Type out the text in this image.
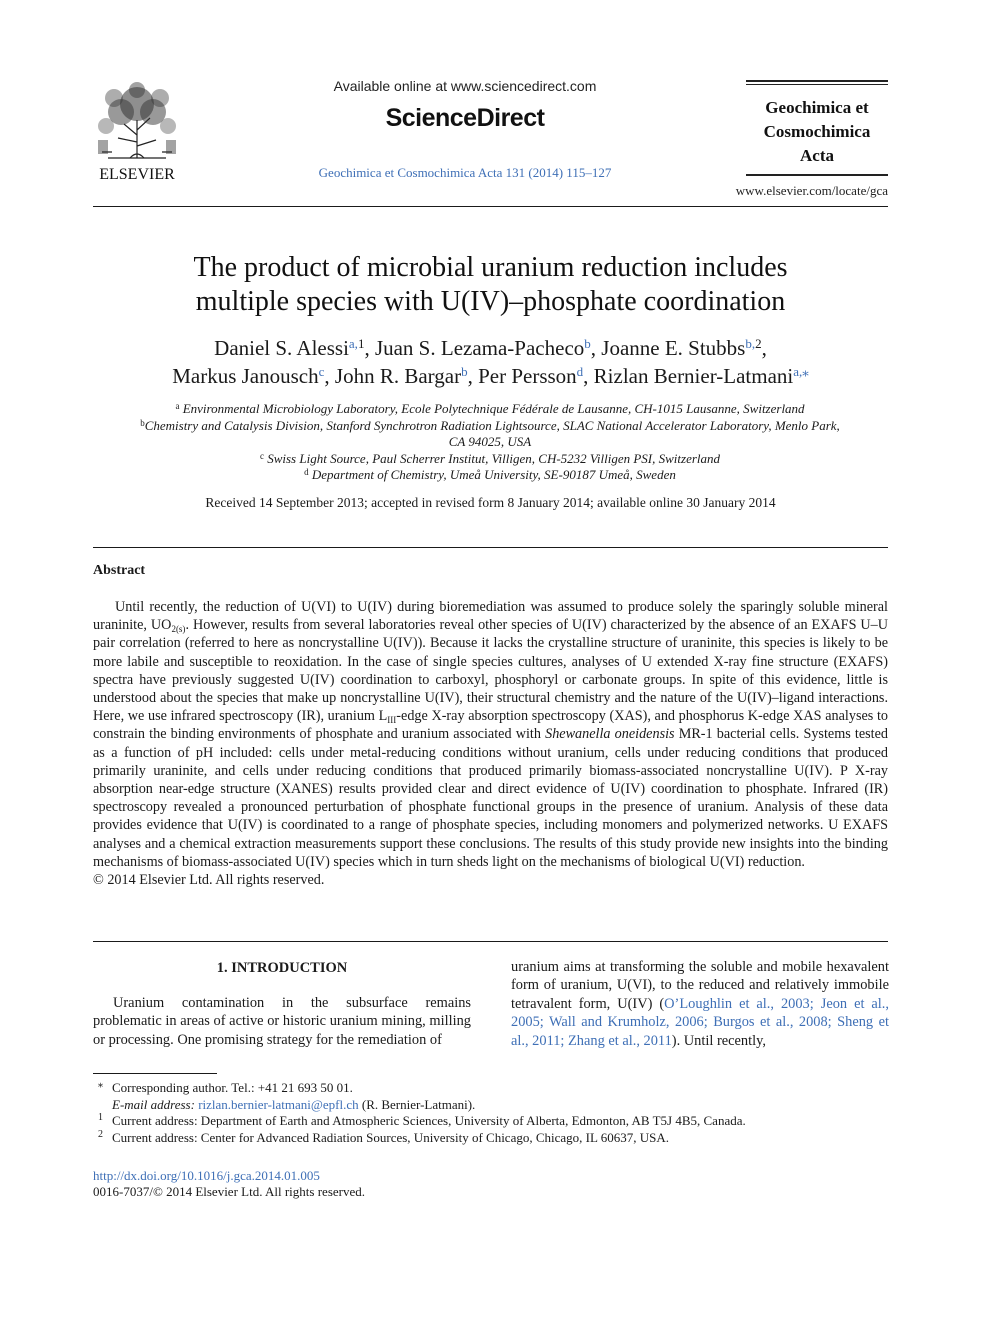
ELSEVIER
Available online at www.sciencedirect.com
ScienceDirect
Geochimica et Cosmochimica Acta 131 (2014) 115–127
Geochimica et
Cosmochimica
Acta
www.elsevier.com/locate/gca
The product of microbial uranium reduction includes
multiple species with U(IV)–phosphate coordination
Daniel S. Alessi$^{a,1}$, Juan S. Lezama-Pacheco$^b$, Joanne E. Stubbs$^{b,2}$,
Markus Janousch$^c$, John R. Bargar$^b$, Per Persson$^d$, Rizlan Bernier-Latmani$^{a,⁎}$
$^a$ Environmental Microbiology Laboratory, Ecole Polytechnique Fédérale de Lausanne, CH-1015 Lausanne, Switzerland
$^b$Chemistry and Catalysis Division, Stanford Synchrotron Radiation Lightsource, SLAC National Accelerator Laboratory, Menlo Park,
CA 94025, USA
$^c$ Swiss Light Source, Paul Scherrer Institut, Villigen, CH-5232 Villigen PSI, Switzerland
$^d$ Department of Chemistry, Umeå University, SE-90187 Umeå, Sweden
Received 14 September 2013; accepted in revised form 8 January 2014; available online 30 January 2014
Abstract
Until recently, the reduction of U(VI) to U(IV) during bioremediation was assumed to produce solely the sparingly soluble mineral uraninite, $UO_{2(s)}$. However, results from several laboratories reveal other species of U(IV) characterized by the absence of an EXAFS U–U pair correlation (referred to here as noncrystalline U(IV)). Because it lacks the crystalline structure of uraninite, this species is likely to be more labile and susceptible to reoxidation. In the case of single species cultures, analyses of U extended X-ray fine structure (EXAFS) spectra have previously suggested U(IV) coordination to carboxyl, phosphoryl or carbonate groups. In spite of this evidence, little is understood about the species that make up noncrystalline U(IV), their structural chemistry and the nature of the U(IV)–ligand interactions. Here, we use infrared spectroscopy (IR), uranium $L_{III}$-edge X-ray absorption spectroscopy (XAS), and phosphorus K-edge XAS analyses to constrain the binding environments of phosphate and uranium associated with Shewanella oneidensis MR-1 bacterial cells. Systems tested as a function of pH included: cells under metal-reducing conditions without uranium, cells under reducing conditions that produced primarily uraninite, and cells under reducing conditions that produced primarily biomass-associated noncrystalline U(IV). P X-ray absorption near-edge structure (XANES) results provided clear and direct evidence of U(IV) coordination to phosphate. Infrared (IR) spectroscopy revealed a pronounced perturbation of phosphate functional groups in the presence of uranium. Analysis of these data provides evidence that U(IV) is coordinated to a range of phosphate species, including monomers and polymerized networks. U EXAFS analyses and a chemical extraction measurements support these conclusions. The results of this study provide new insights into the binding mechanisms of biomass-associated U(IV) species which in turn sheds light on the mechanisms of biological U(VI) reduction.
© 2014 Elsevier Ltd. All rights reserved.
1. INTRODUCTION

Uranium contamination in the subsurface remains problematic in areas of active or historic uranium mining, milling or processing. One promising strategy for the remediation of

uranium aims at transforming the soluble and mobile hexavalent form of uranium, U(VI), to the reduced and relatively immobile tetravalent form, U(IV) (O’Loughlin et al., 2003; Jeon et al., 2005; Wall and Krumholz, 2006; Burgos et al., 2008; Sheng et al., 2011; Zhang et al., 2011). Until recently,

⁎ Corresponding author. Tel.: +41 21 693 50 01.
E-mail address: rizlan.bernier-latmani@epfl.ch (R. Bernier-Latmani).
1 Current address: Department of Earth and Atmospheric Sciences, University of Alberta, Edmonton, AB T5J 4B5, Canada.
2 Current address: Center for Advanced Radiation Sources, University of Chicago, Chicago, IL 60637, USA.
http://dx.doi.org/10.1016/j.gca.2014.01.005
0016-7037/© 2014 Elsevier Ltd. All rights reserved.
